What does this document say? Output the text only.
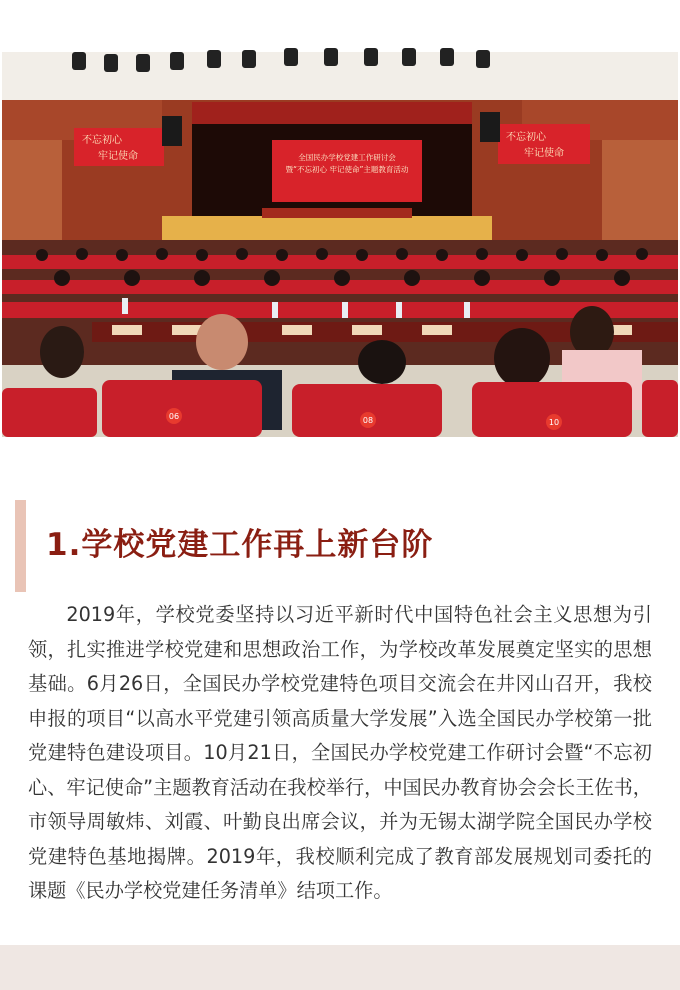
不忘初心
牢记使命
不忘初心
牢记使命
全国民办学校党建工作研讨会
暨“不忘初心 牢记使命”主题教育活动
06	08	10
1.学校党建工作再上新台阶

2019年，学校党委坚持以习近平新时代中国特色社会主义思想为引领，扎实推进学校党建和思想政治工作，为学校改革发展奠定坚实的思想基础。6月26日，全国民办学校党建特色项目交流会在井冈山召开，我校申报的项目“以高水平党建引领高质量大学发展”入选全国民办学校第一批党建特色建设项目。10月21日，全国民办学校党建工作研讨会暨“不忘初心、牢记使命”主题教育活动在我校举行，中国民办教育协会会长王佐书，市领导周敏炜、刘霞、叶勤良出席会议，并为无锡太湖学院全国民办学校党建特色基地揭牌。2019年，我校顺利完成了教育部发展规划司委托的课题《民办学校党建任务清单》结项工作。
